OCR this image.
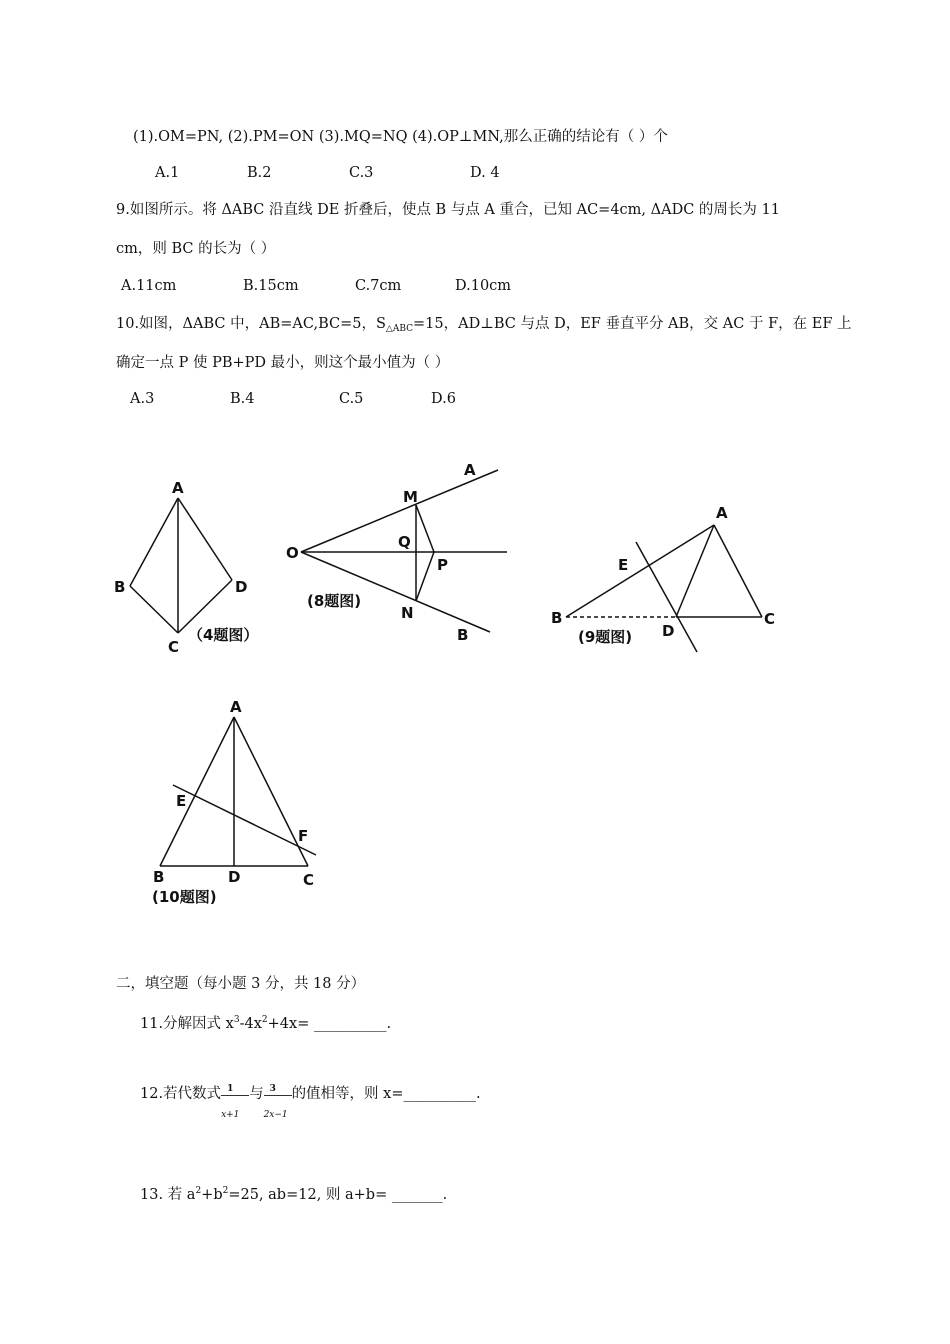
(1).OM=PN, (2).PM=ON (3).MQ=NQ (4).OP⊥MN,那么正确的结论有（ ）个
A.1	B.2	C.3	D. 4
9.如图所示。将 ΔABC 沿直线 DE 折叠后，使点 B 与点 A 重合，已知 AC=4cm, ΔADC 的周长为 11
cm，则 BC 的长为（ ）
A.11cm	B.15cm	C.7cm	D.10cm
10.如图，ΔABC 中，AB=AC,BC=5，$S_{\triangle ABC}=15$，AD⊥BC 与点 D，EF 垂直平分 AB，交 AC 于 F，在 EF 上
确定一点 P 使 PB+PD 最小，则这个最小值为（ ）
A.3	B.4	C.5	D.6
A
B
C
D
（4题图）
O
M
Q
P
N
A
B
(8题图)
A
E
B
D
C
(9题图)
A
E
F
B	D	C
(10题图)
二，填空题（每小题 3 分，共 18 分）
11.分解因式 $x^3-4x^2+4x=$ __________.
12.若代数式 $\frac{1}{x+1}$ 与 $\frac{3}{2x-1}$ 的值相等，则 x=__________.
13. 若 $a^2+b^2=25$, ab=12, 则 a+b= _______.
